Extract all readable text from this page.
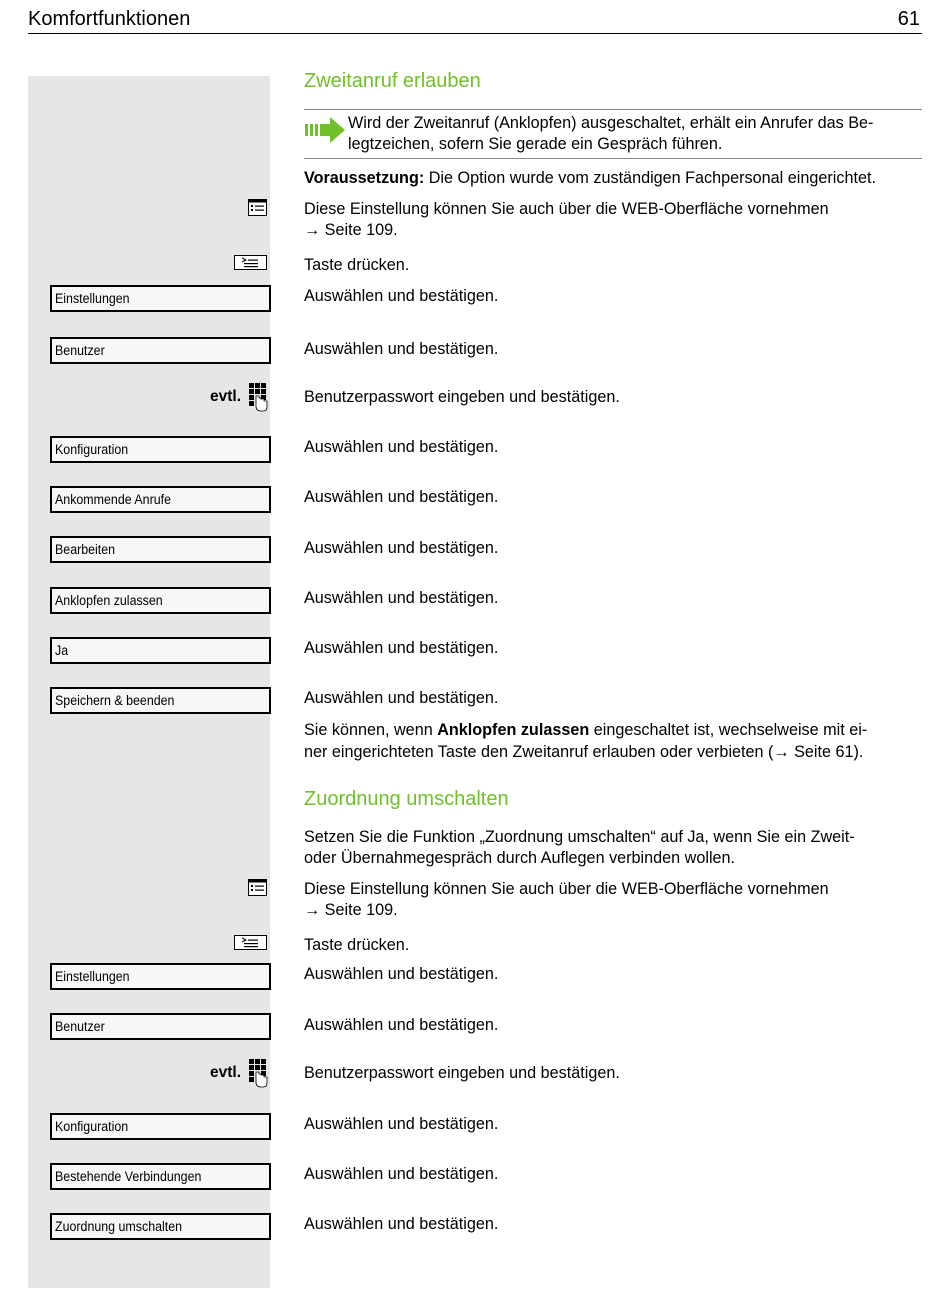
Komfortfunktionen	61
Zweitanruf erlauben
Wird der Zweitanruf (Anklopfen) ausgeschaltet, erhält ein Anrufer das Be-
legtzeichen, sofern Sie gerade ein Gespräch führen.
Voraussetzung: Die Option wurde vom zuständigen Fachpersonal eingerichtet.
Diese Einstellung können Sie auch über die WEB-Oberfläche vornehmen
→ Seite 109.
Taste drücken.
Einstellungen	Auswählen und bestätigen.
Benutzer	Auswählen und bestätigen.
evtl.	Benutzerpasswort eingeben und bestätigen.
Konfiguration	Auswählen und bestätigen.
Ankommende Anrufe	Auswählen und bestätigen.
Bearbeiten	Auswählen und bestätigen.
Anklopfen zulassen	Auswählen und bestätigen.
Ja	Auswählen und bestätigen.
Speichern & beenden	Auswählen und bestätigen.
Sie können, wenn Anklopfen zulassen eingeschaltet ist, wechselweise mit ei-
ner eingerichteten Taste den Zweitanruf erlauben oder verbieten (→ Seite 61).
Zuordnung umschalten
Setzen Sie die Funktion „Zuordnung umschalten“ auf Ja, wenn Sie ein Zweit-
oder Übernahmegespräch durch Auflegen verbinden wollen.
Diese Einstellung können Sie auch über die WEB-Oberfläche vornehmen
→ Seite 109.
Taste drücken.
Einstellungen	Auswählen und bestätigen.
Benutzer	Auswählen und bestätigen.
evtl.	Benutzerpasswort eingeben und bestätigen.
Konfiguration	Auswählen und bestätigen.
Bestehende Verbindungen	Auswählen und bestätigen.
Zuordnung umschalten	Auswählen und bestätigen.
